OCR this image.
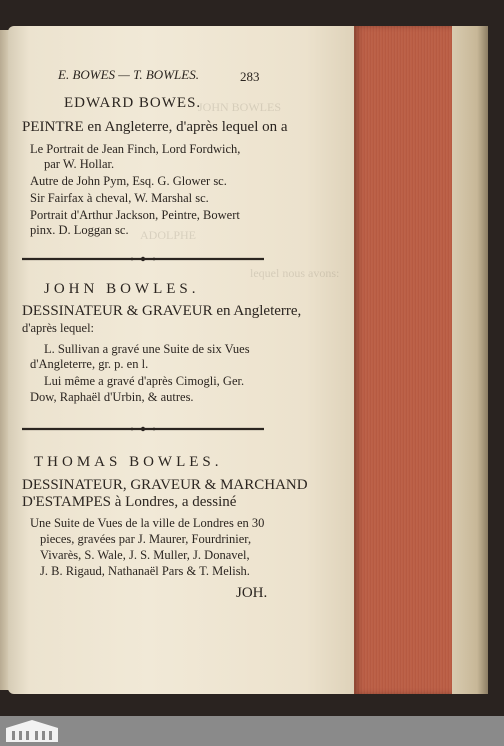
JOHN BOWLES
ADOLPHE
lequel nous avons:
E. BOWES — T. BOWLES.	283
EDWARD BOWES.
PEINTRE en Angleterre, d'après lequel on a
Le Portrait de Jean Finch, Lord Fordwich,
par W. Hollar.
Autre de John Pym, Esq. G. Glower sc.
Sir Fairfax à cheval, W. Marshal sc.
Portrait d'Arthur Jackson, Peintre, Bowert
pinx. D. Loggan sc.
JOHN BOWLES.
DESSINATEUR & GRAVEUR en Angleterre,
d'après lequel:
L. Sullivan a gravé une Suite de six Vues
d'Angleterre, gr. p. en l.
Lui même a gravé d'après Cimogli, Ger.
Dow, Raphaël d'Urbin, & autres.
THOMAS BOWLES.
DESSINATEUR, GRAVEUR & MARCHAND
D'ESTAMPES à Londres, a dessiné
Une Suite de Vues de la ville de Londres en 30
pieces, gravées par J. Maurer, Fourdrinier,
Vivarès, S. Wale, J. S. Muller, J. Donavel,
J. B. Rigaud, Nathanaël Pars & T. Melish.
JOH.
